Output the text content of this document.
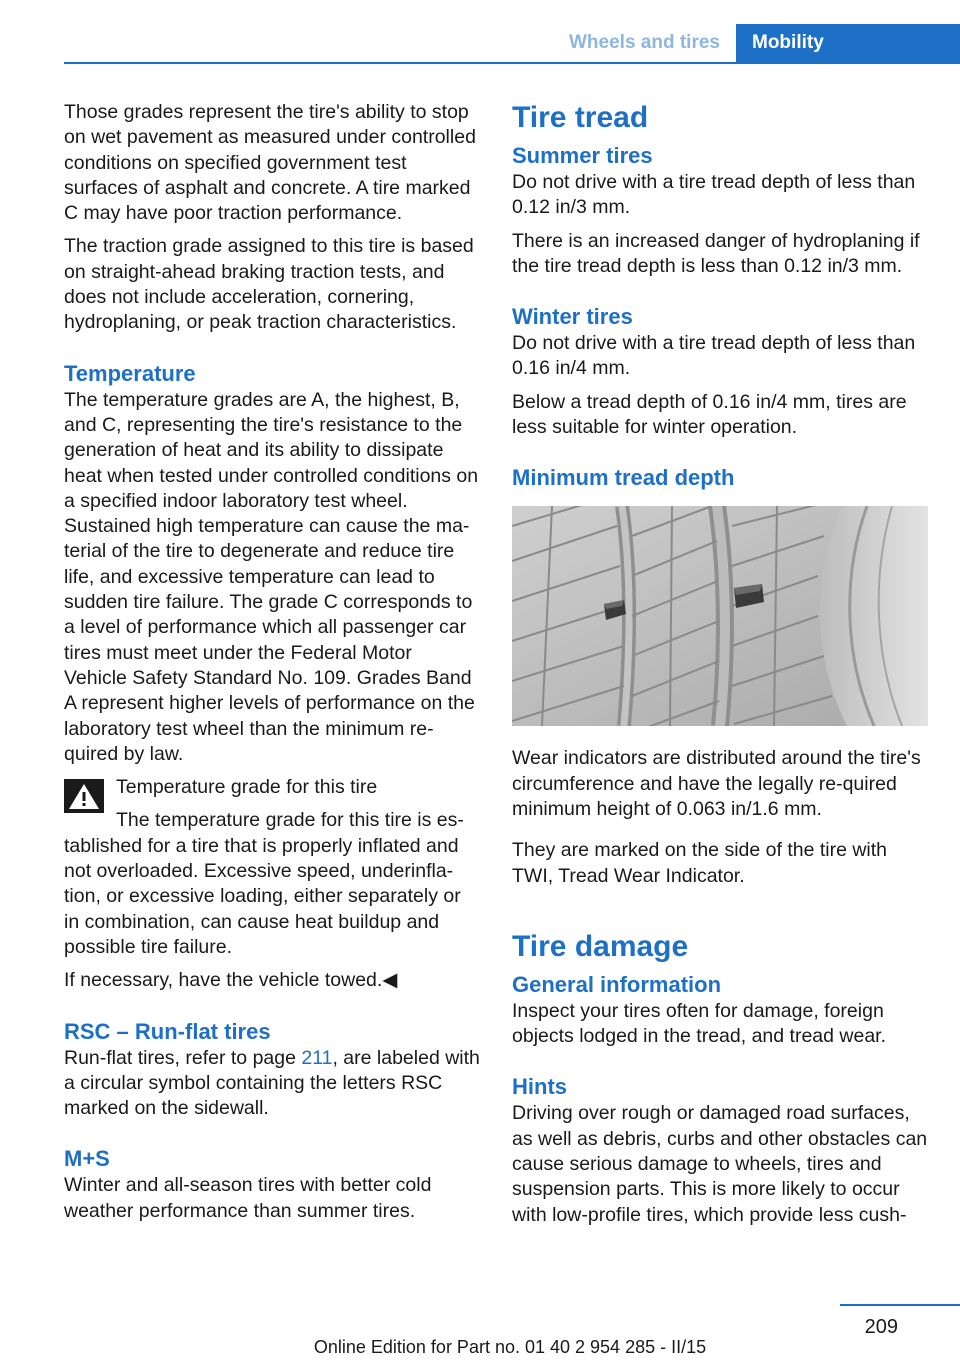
Wheels and tires	Mobility

Those grades represent the tire's ability to stop on wet pavement as measured under controlled conditions on specified government test surfaces of asphalt and concrete. A tire marked C may have poor traction performance.

The traction grade assigned to this tire is based on straight-ahead braking traction tests, and does not include acceleration, cornering, hydroplaning, or peak traction characteristics.

Temperature

The temperature grades are A, the highest, B, and C, representing the tire's resistance to the generation of heat and its ability to dissipate heat when tested under controlled conditions on a specified indoor laboratory test wheel. Sustained high temperature can cause the ma‐terial of the tire to degenerate and reduce tire life, and excessive temperature can lead to sudden tire failure. The grade C corresponds to a level of performance which all passenger car tires must meet under the Federal Motor Vehicle Safety Standard No. 109. Grades Band A represent higher levels of performance on the laboratory test wheel than the minimum re‐quired by law.

Temperature grade for this tire

The temperature grade for this tire is es‐tablished for a tire that is properly inflated and not overloaded. Excessive speed, underinfla‐tion, or excessive loading, either separately or in combination, can cause heat buildup and possible tire failure.

If necessary, have the vehicle towed.◀

RSC – Run-flat tires

Run-flat tires, refer to page 211, are labeled with a circular symbol containing the letters RSC marked on the sidewall.

M+S

Winter and all-season tires with better cold weather performance than summer tires.

Tire tread
Summer tires

Do not drive with a tire tread depth of less than 0.12 in/3 mm.

There is an increased danger of hydroplaning if the tire tread depth is less than 0.12 in/3 mm.

Winter tires

Do not drive with a tire tread depth of less than 0.16 in/4 mm.

Below a tread depth of 0.16 in/4 mm, tires are less suitable for winter operation.

Minimum tread depth

Wear indicators are distributed around the tire's circumference and have the legally re‐quired minimum height of 0.063 in/1.6 mm.

They are marked on the side of the tire with TWI, Tread Wear Indicator.

Tire damage
General information

Inspect your tires often for damage, foreign objects lodged in the tread, and tread wear.

Hints

Driving over rough or damaged road surfaces, as well as debris, curbs and other obstacles can cause serious damage to wheels, tires and suspension parts. This is more likely to occur with low-profile tires, which provide less cush‐

209
Online Edition for Part no. 01 40 2 954 285 - II/15
